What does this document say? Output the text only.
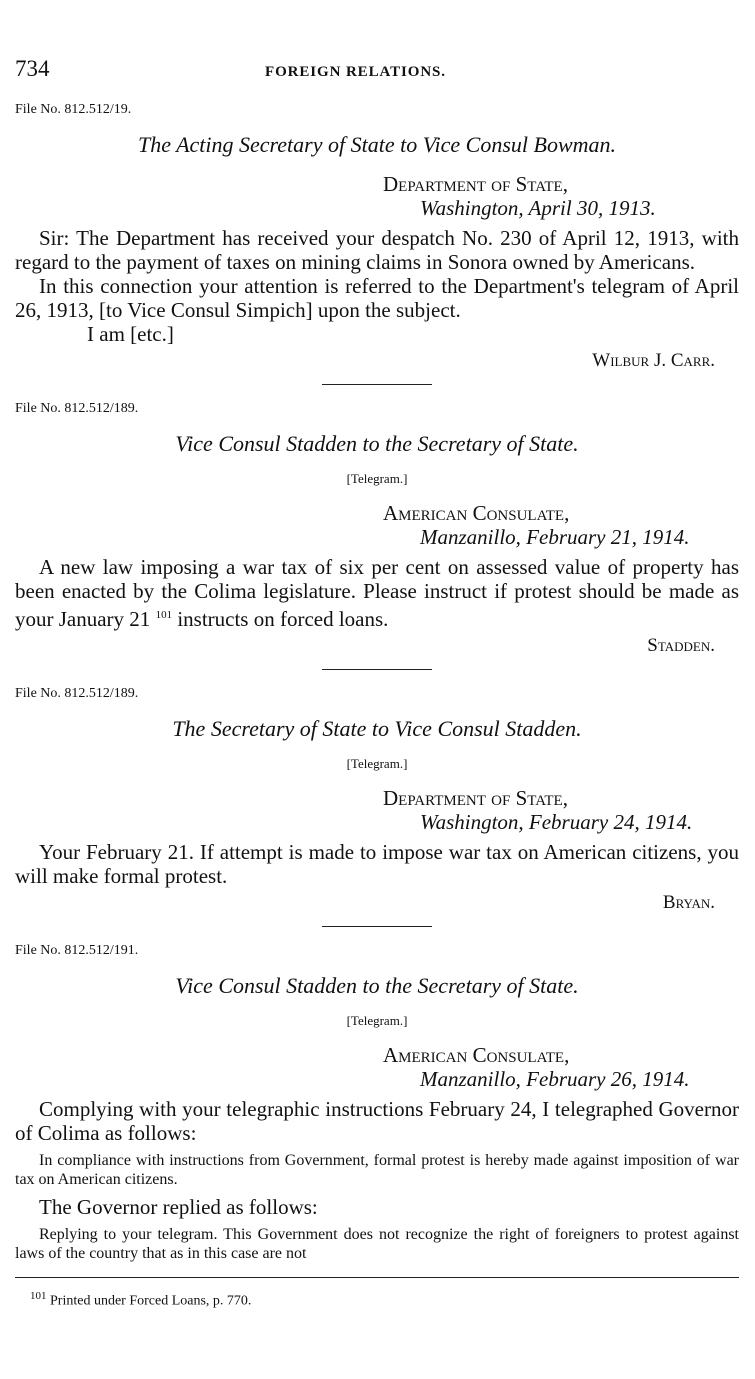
734	FOREIGN RELATIONS.
File No. 812.512/19.
The Acting Secretary of State to Vice Consul Bowman.
Department of State,
Washington, April 30, 1913.

Sir: The Department has received your despatch No. 230 of April 12, 1913, with regard to the payment of taxes on mining claims in Sonora owned by Americans.

In this connection your attention is referred to the Department's telegram of April 26, 1913, [to Vice Consul Simpich] upon the subject.

I am [etc.]
Wilbur J. Carr.
File No. 812.512/189.
Vice Consul Stadden to the Secretary of State.
[Telegram.]
American Consulate,
Manzanillo, February 21, 1914.

A new law imposing a war tax of six per cent on assessed value of property has been enacted by the Colima legislature. Please instruct if protest should be made as your January 21 $^{101}$ instructs on forced loans.

Stadden.
File No. 812.512/189.
The Secretary of State to Vice Consul Stadden.
[Telegram.]
Department of State,
Washington, February 24, 1914.

Your February 21. If attempt is made to impose war tax on American citizens, you will make formal protest.

Bryan.
File No. 812.512/191.
Vice Consul Stadden to the Secretary of State.
[Telegram.]
American Consulate,
Manzanillo, February 26, 1914.

Complying with your telegraphic instructions February 24, I telegraphed Governor of Colima as follows:

In compliance with instructions from Government, formal protest is hereby made against imposition of war tax on American citizens.

The Governor replied as follows:

Replying to your telegram. This Government does not recognize the right of foreigners to protest against laws of the country that as in this case are not

$^{101}$ Printed under Forced Loans, p. 770.
